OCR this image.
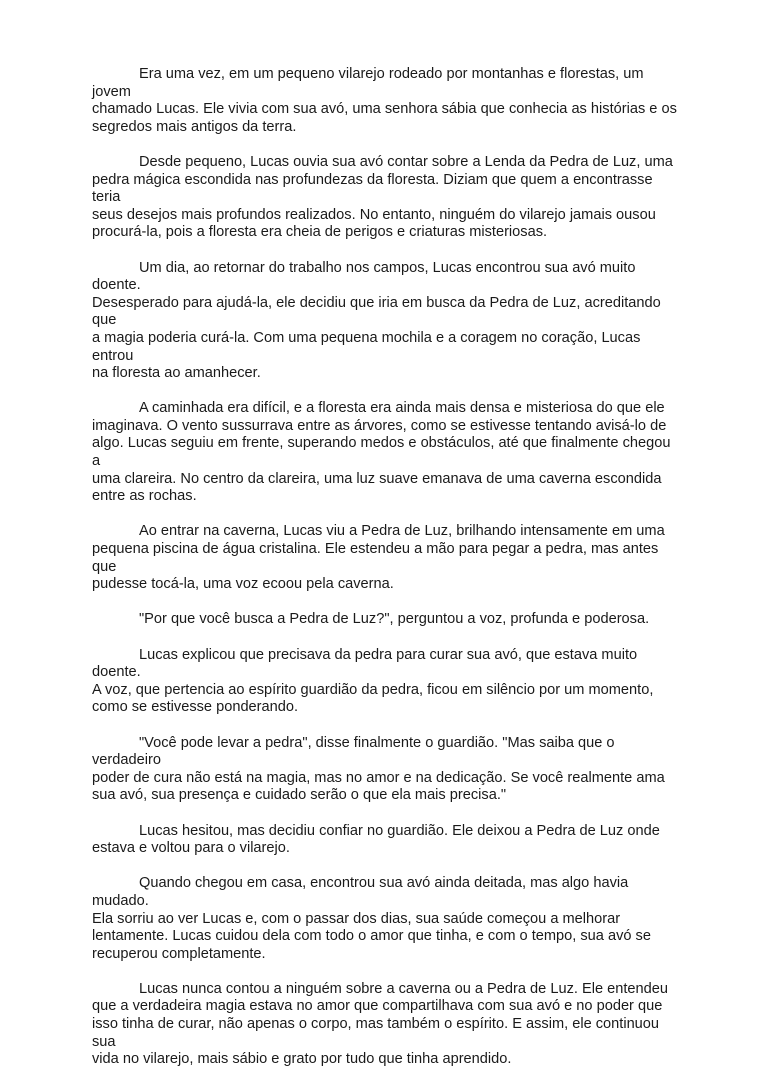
Era uma vez, em um pequeno vilarejo rodeado por montanhas e florestas, um jovem
chamado Lucas. Ele vivia com sua avó, uma senhora sábia que conhecia as histórias e os
segredos mais antigos da terra.

Desde pequeno, Lucas ouvia sua avó contar sobre a Lenda da Pedra de Luz, uma
pedra mágica escondida nas profundezas da floresta. Diziam que quem a encontrasse teria
seus desejos mais profundos realizados. No entanto, ninguém do vilarejo jamais ousou
procurá-la, pois a floresta era cheia de perigos e criaturas misteriosas.

Um dia, ao retornar do trabalho nos campos, Lucas encontrou sua avó muito doente.
Desesperado para ajudá-la, ele decidiu que iria em busca da Pedra de Luz, acreditando que
a magia poderia curá-la. Com uma pequena mochila e a coragem no coração, Lucas entrou
na floresta ao amanhecer.

A caminhada era difícil, e a floresta era ainda mais densa e misteriosa do que ele
imaginava. O vento sussurrava entre as árvores, como se estivesse tentando avisá-lo de
algo. Lucas seguiu em frente, superando medos e obstáculos, até que finalmente chegou a
uma clareira. No centro da clareira, uma luz suave emanava de uma caverna escondida
entre as rochas.

Ao entrar na caverna, Lucas viu a Pedra de Luz, brilhando intensamente em uma
pequena piscina de água cristalina. Ele estendeu a mão para pegar a pedra, mas antes que
pudesse tocá-la, uma voz ecoou pela caverna.

"Por que você busca a Pedra de Luz?", perguntou a voz, profunda e poderosa.

Lucas explicou que precisava da pedra para curar sua avó, que estava muito doente.
A voz, que pertencia ao espírito guardião da pedra, ficou em silêncio por um momento,
como se estivesse ponderando.

"Você pode levar a pedra", disse finalmente o guardião. "Mas saiba que o verdadeiro
poder de cura não está na magia, mas no amor e na dedicação. Se você realmente ama
sua avó, sua presença e cuidado serão o que ela mais precisa."

Lucas hesitou, mas decidiu confiar no guardião. Ele deixou a Pedra de Luz onde
estava e voltou para o vilarejo.

Quando chegou em casa, encontrou sua avó ainda deitada, mas algo havia mudado.
Ela sorriu ao ver Lucas e, com o passar dos dias, sua saúde começou a melhorar
lentamente. Lucas cuidou dela com todo o amor que tinha, e com o tempo, sua avó se
recuperou completamente.

Lucas nunca contou a ninguém sobre a caverna ou a Pedra de Luz. Ele entendeu
que a verdadeira magia estava no amor que compartilhava com sua avó e no poder que
isso tinha de curar, não apenas o corpo, mas também o espírito. E assim, ele continuou sua
vida no vilarejo, mais sábio e grato por tudo que tinha aprendido.
